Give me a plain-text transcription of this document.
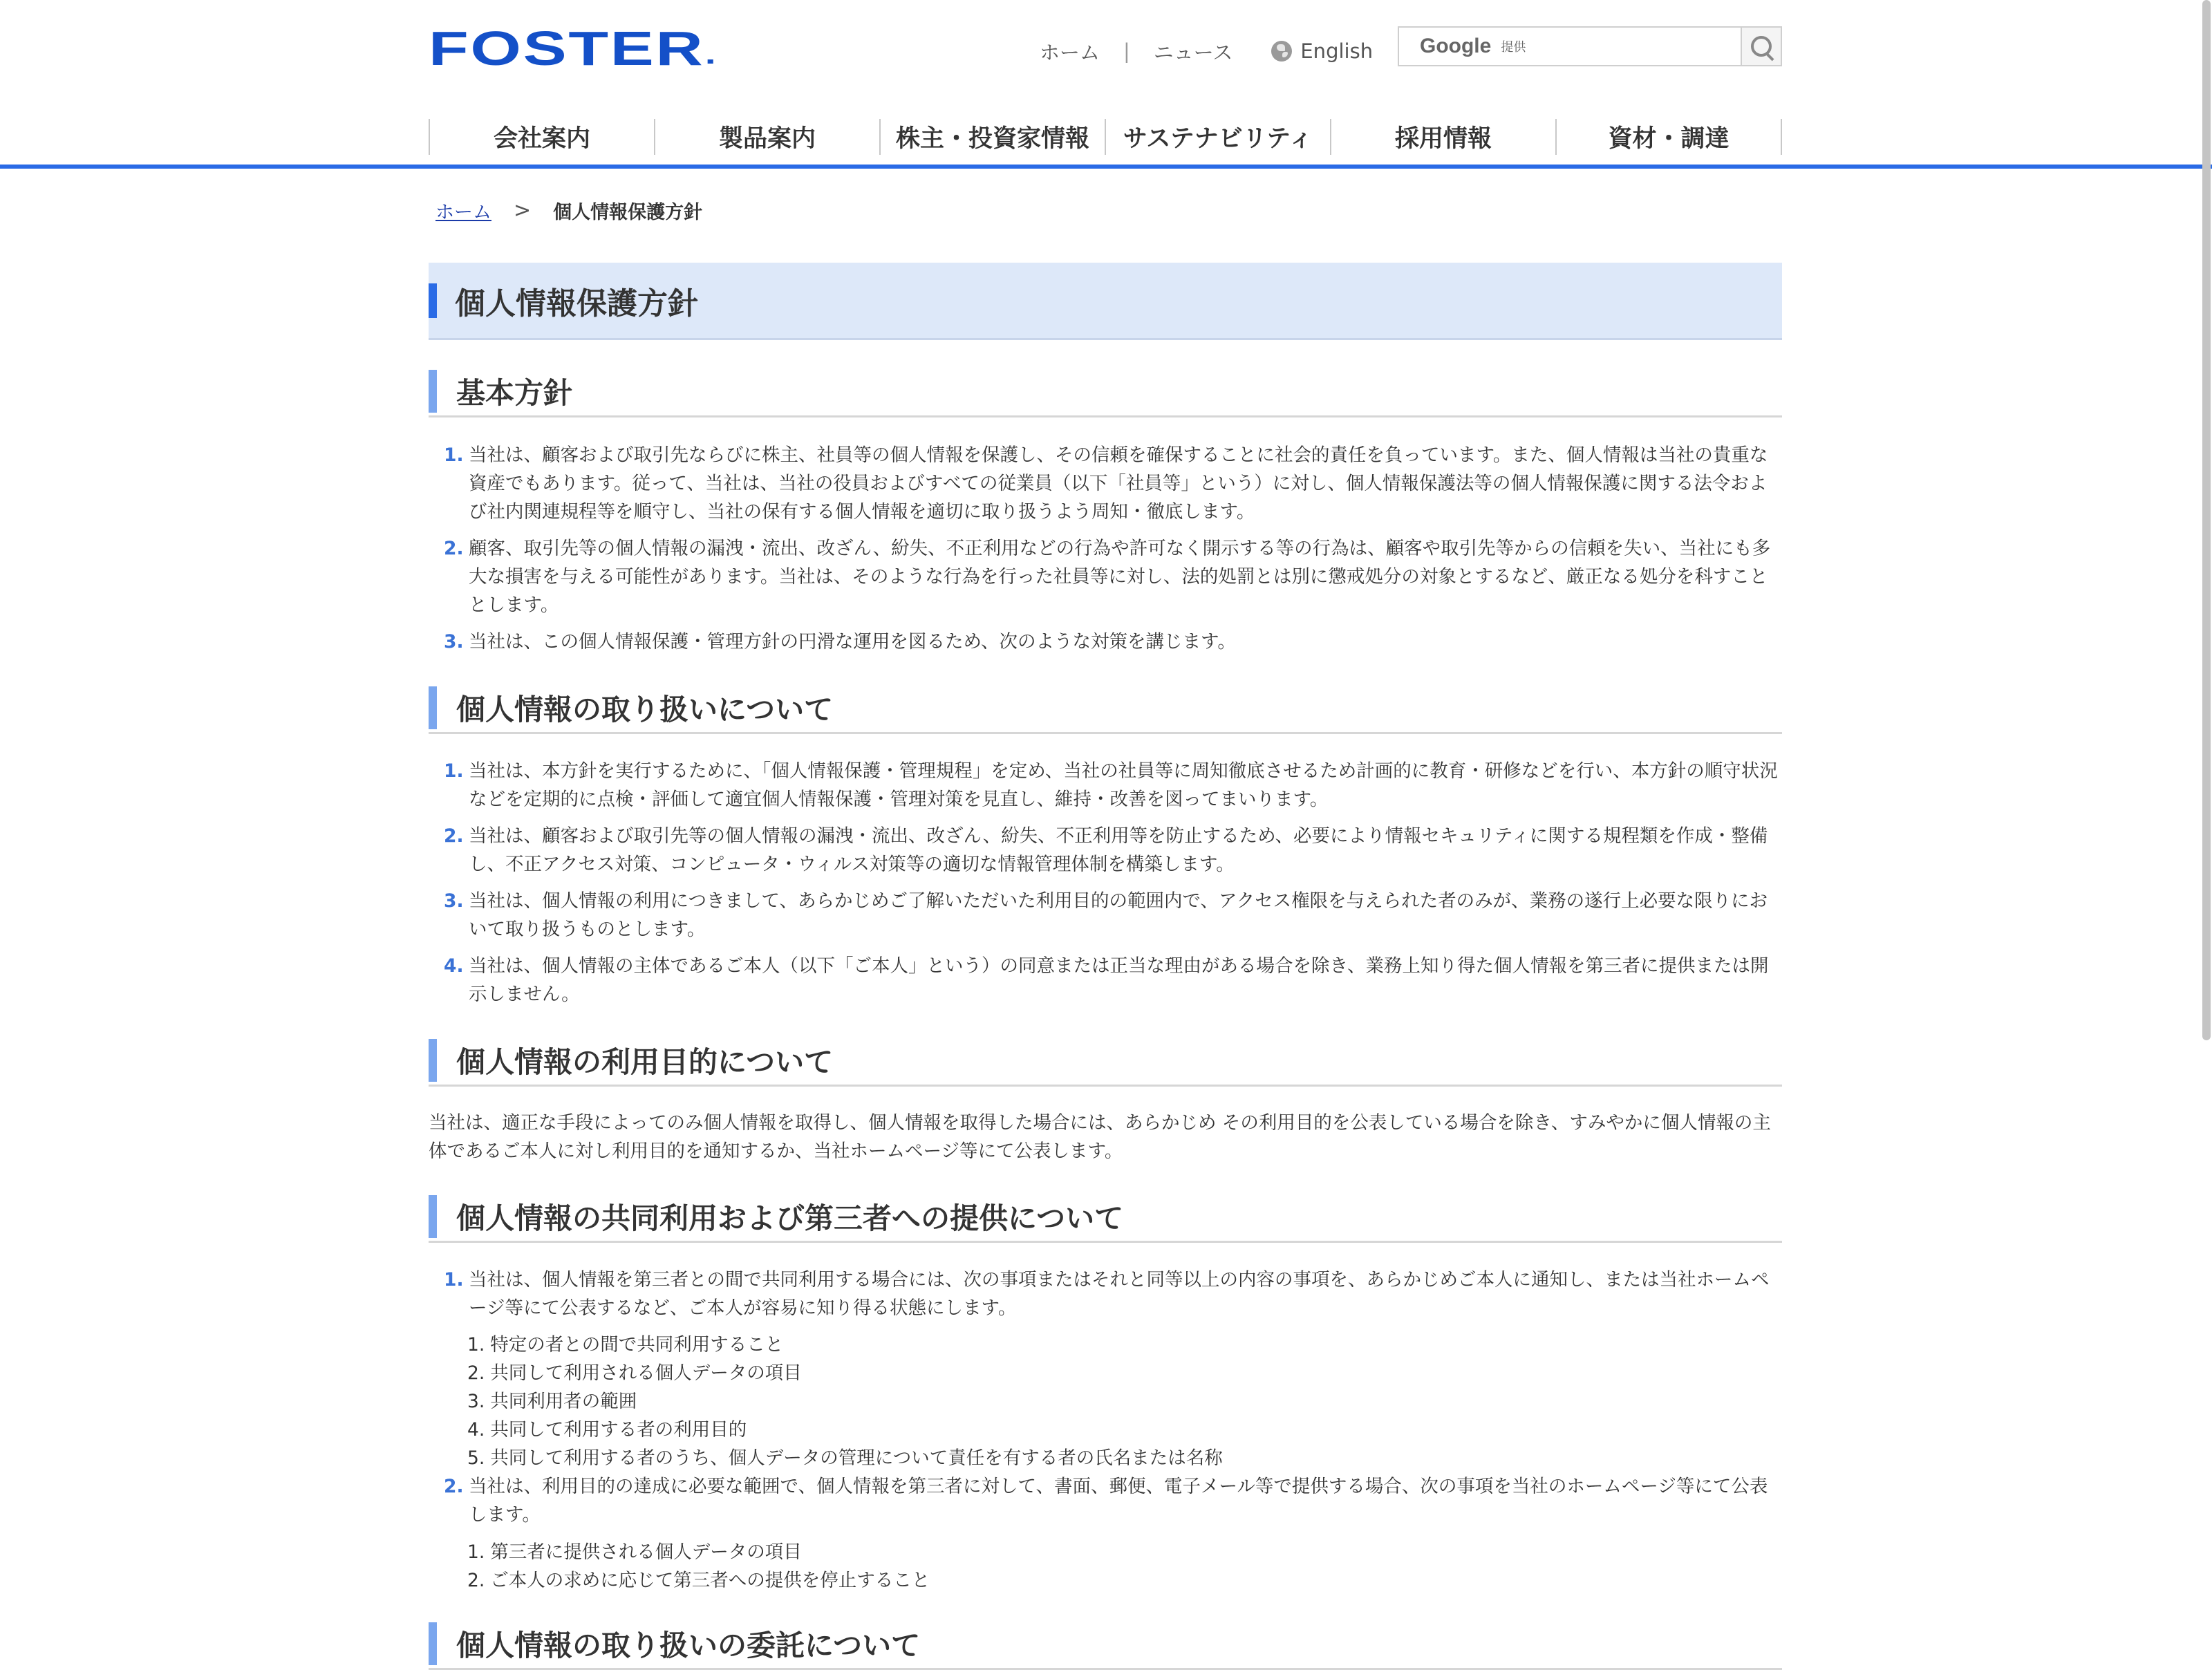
FOSTER	ホーム | ニュース	English Google 提供
会社案内	製品案内	株主・投資家情報	サステナビリティ	採用情報	資材・調達
ホーム > 個人情報保護方針
個人情報保護方針
基本方針
1. 当社は、顧客および取引先ならびに株主、社員等の個人情報を保護し、その信頼を確保することに社会的責任を負っています。また、個人情報は当社の貴重な資産でもあります。従って、当社は、当社の役員およびすべての従業員（以下「社員等」という）に対し、個人情報保護法等の個人情報保護に関する法令および社内関連規程等を順守し、当社の保有する個人情報を適切に取り扱うよう周知・徹底します。
2. 顧客、取引先等の個人情報の漏洩・流出、改ざん、紛失、不正利用などの行為や許可なく開示する等の行為は、顧客や取引先等からの信頼を失い、当社にも多大な損害を与える可能性があります。当社は、そのような行為を行った社員等に対し、法的処罰とは別に懲戒処分の対象とするなど、厳正なる処分を科すこととします。
3. 当社は、この個人情報保護・管理方針の円滑な運用を図るため、次のような対策を講じます。
個人情報の取り扱いについて
1. 当社は、本方針を実行するために、「個人情報保護・管理規程」を定め、当社の社員等に周知徹底させるため計画的に教育・研修などを行い、本方針の順守状況などを定期的に点検・評価して適宜個人情報保護・管理対策を見直し、維持・改善を図ってまいります。
2. 当社は、顧客および取引先等の個人情報の漏洩・流出、改ざん、紛失、不正利用等を防止するため、必要により情報セキュリティに関する規程類を作成・整備し、不正アクセス対策、コンピュータ・ウィルス対策等の適切な情報管理体制を構築します。
3. 当社は、個人情報の利用につきまして、あらかじめご了解いただいた利用目的の範囲内で、アクセス権限を与えられた者のみが、業務の遂行上必要な限りにおいて取り扱うものとします。
4. 当社は、個人情報の主体であるご本人（以下「ご本人」という）の同意または正当な理由がある場合を除き、業務上知り得た個人情報を第三者に提供または開示しません。
個人情報の利用目的について
当社は、適正な手段によってのみ個人情報を取得し、個人情報を取得した場合には、あらかじめ その利用目的を公表している場合を除き、すみやかに個人情報の主体であるご本人に対し利用目的を通知するか、当社ホームページ等にて公表します。
個人情報の共同利用および第三者への提供について
1. 当社は、個人情報を第三者との間で共同利用する場合には、次の事項またはそれと同等以上の内容の事項を、あらかじめご本人に通知し、または当社ホームページ等にて公表するなど、ご本人が容易に知り得る状態にします。
1. 特定の者との間で共同利用すること
2. 共同して利用される個人データの項目
3. 共同利用者の範囲
4. 共同して利用する者の利用目的
5. 共同して利用する者のうち、個人データの管理について責任を有する者の氏名または名称
2. 当社は、利用目的の達成に必要な範囲で、個人情報を第三者に対して、書面、郵便、電子メール等で提供する場合、次の事項を当社のホームページ等にて公表します。
1. 第三者に提供される個人データの項目
2. ご本人の求めに応じて第三者への提供を停止すること
個人情報の取り扱いの委託について
